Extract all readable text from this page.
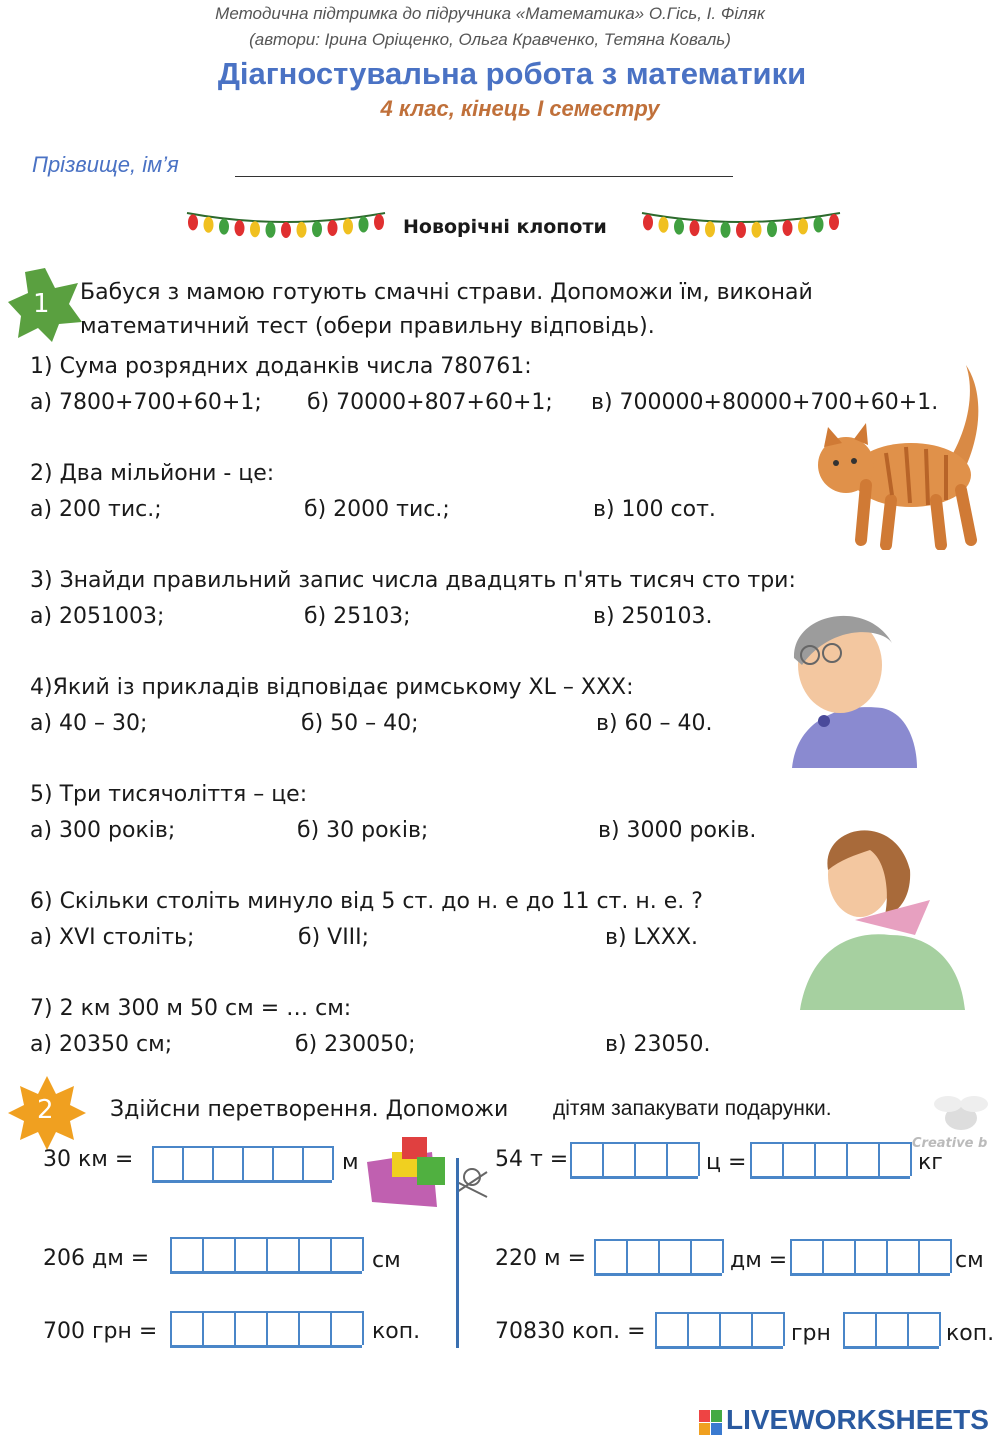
Методична підтримка до підручника «Математика» О.Гісь, І. Філяк
(автори: Ірина Оріщенко, Ольга Кравченко, Тетяна Коваль)
Діагностувальна робота з математики
4 клас, кінець І семестру
Прізвище, ім’я
Новорічні клопоти
1 Бабуся з мамою готують смачні страви. Допоможи їм, виконай
математичний тест (обери правильну відповідь).
1) Сума розрядних доданків числа 780761:
а) 7800+700+60+1; б) 70000+807+60+1; в) 700000+80000+700+60+1.
2) Два мільйони - це:
а) 200 тис.;	б) 2000 тис.;	в) 100 сот.
3) Знайди правильний запис числа двадцять п'ять тисяч сто три:
а) 2051003;	б) 25103;	в) 250103.
4)Який із прикладів відповідає римському XL – XXX:
а) 40 – 30;	б) 50 – 40;	в) 60 – 40.
5) Три тисячоліття – це:
а) 300 років;	б) 30 років;	в) 3000 років.
6) Скільки століть минуло від 5 ст. до н. е до 11 ст. н. е. ?
а) XVI століть;	б) VIII;	в) LXXX.
7) 2 км 300 м 50 см = … см:
а) 20350 см;	б) 230050;	в) 23050.
2	Здійсни перетворення. Допоможи дітям запакувати подарунки.
Creative b
30 км =	м
206 дм =	см
700 грн =	коп.
54 т =	ц =	кг
220 м =	дм =	см
70830 коп. =	грн	коп.
LIVEWORKSHEETS
